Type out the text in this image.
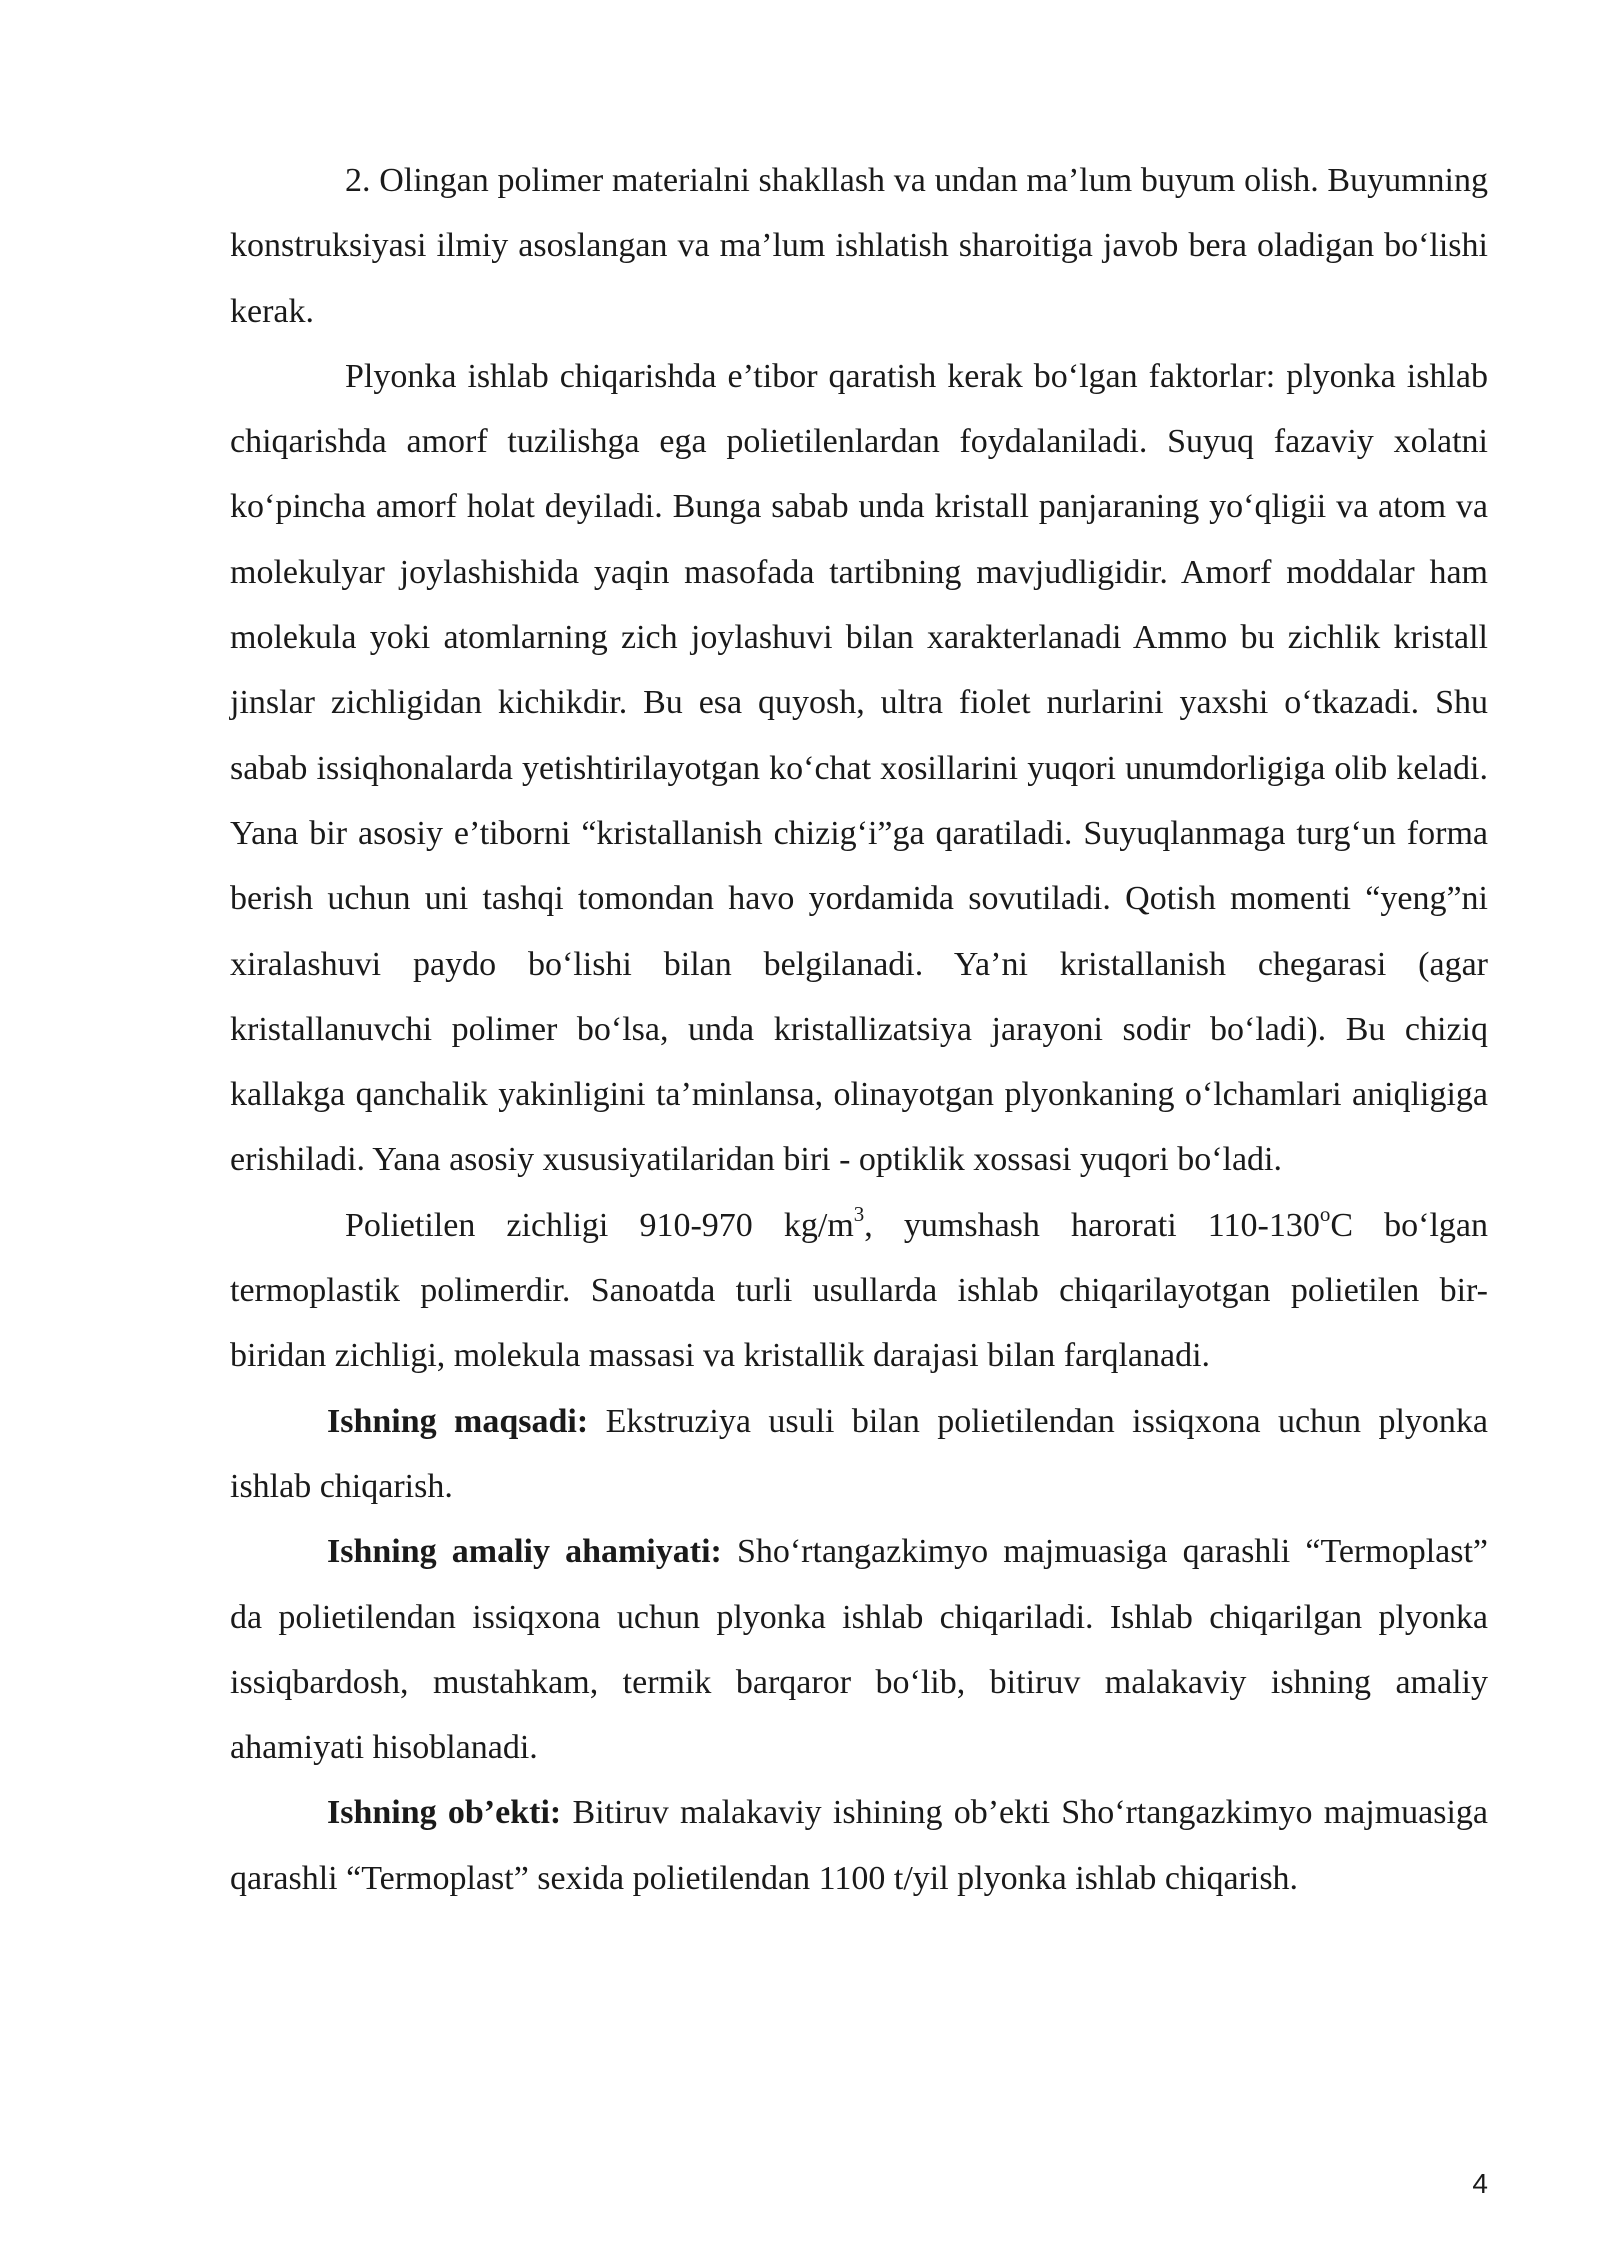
2. Olingan polimer materialni shakllash va undan ma’lum buyum olish. Buyumning konstruksiyasi ilmiy asoslangan va ma’lum ishlatish sharoitiga javob bera oladigan bo‘lishi kerak.

Plyonka ishlab chiqarishda e’tibor qaratish kerak bo‘lgan faktorlar: plyonka ishlab chiqarishda amorf tuzilishga ega polietilenlardan foydalaniladi. Suyuq fazaviy xolatni ko‘pincha amorf holat deyiladi. Bunga sabab unda kristall panjaraning yo‘qligii va atom va molekulyar joylashishida yaqin masofada tartibning mavjudligidir. Amorf moddalar ham molekula yoki atomlarning zich joylashuvi bilan xarakterlanadi Ammo bu zichlik kristall jinslar zichligidan kichikdir. Bu esa quyosh, ultra fiolet nurlarini yaxshi o‘tkazadi. Shu sabab issiqhonalarda yetishtirilayotgan ko‘chat xosillarini yuqori unumdorligiga olib keladi. Yana bir asosiy e’tiborni “kristallanish chizig‘i”ga qaratiladi. Suyuqlanmaga turg‘un forma berish uchun uni tashqi tomondan havo yordamida sovutiladi. Qotish momenti “yeng”ni xiralashuvi paydo bo‘lishi bilan belgilanadi. Ya’ni kristallanish chegarasi (agar kristallanuvchi polimer bo‘lsa, unda kristallizatsiya jarayoni sodir bo‘ladi). Bu chiziq kallakga qanchalik yakinligini ta’minlansa, olinayotgan plyonkaning o‘lchamlari aniqligiga erishiladi. Yana asosiy xususiyatilaridan biri - optiklik xossasi yuqori bo‘ladi.

Polietilen zichligi 910-970 $kg/m^3$, yumshash harorati 110-130$^o$C bo‘lgan termoplastik polimerdir. Sanoatda turli usullarda ishlab chiqarilayotgan polietilen bir-biridan zichligi, molekula massasi va kristallik darajasi bilan farqlanadi.

Ishning maqsadi: Ekstruziya usuli bilan polietilendan issiqxona uchun plyonka ishlab chiqarish.

Ishning amaliy ahamiyati: Sho‘rtangazkimyo majmuasiga qarashli “Termoplast” da polietilendan issiqxona uchun plyonka ishlab chiqariladi. Ishlab chiqarilgan plyonka issiqbardosh, mustahkam, termik barqaror bo‘lib, bitiruv malakaviy ishning amaliy ahamiyati hisoblanadi.

Ishning ob’ekti: Bitiruv malakaviy ishining ob’ekti Sho‘rtangazkimyo majmuasiga qarashli “Termoplast” sexida polietilendan 1100 t/yil plyonka ishlab chiqarish.

4
